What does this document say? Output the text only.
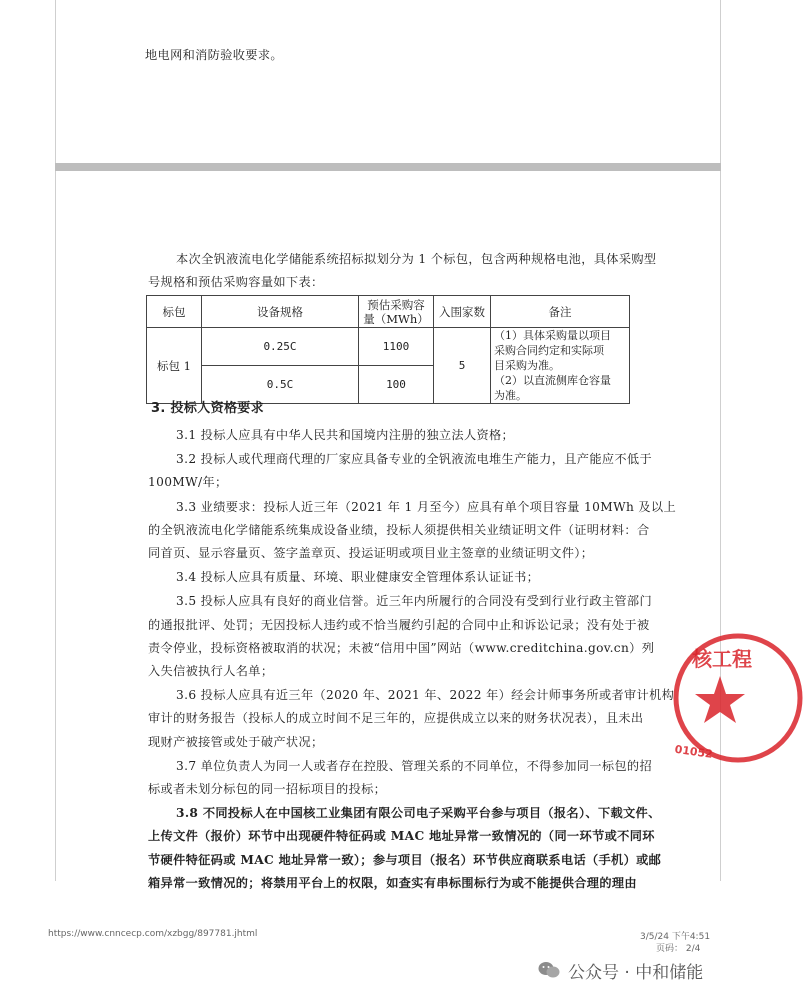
地电网和消防验收要求。
本次全钒液流电化学储能系统招标拟划分为 1 个标包，包含两种规格电池，具体采购型
号规格和预估采购容量如下表：
标包	设备规格	预估采购容量（MWh）	入围家数	备注
标包 1	0.25C	1100	5	（1）具体采购量以项目
采购合同约定和实际项
目采购为准。
（2）以直流侧库仓容量
为准。

	0.5C	100		
3. 投标人资格要求
3.1 投标人应具有中华人民共和国境内注册的独立法人资格；
3.2 投标人或代理商代理的厂家应具备专业的全钒液流电堆生产能力，且产能应不低于
100MW/年；
3.3 业绩要求：投标人近三年（2021 年 1 月至今）应具有单个项目容量 10MWh 及以上
的全钒液流电化学储能系统集成设备业绩，投标人须提供相关业绩证明文件（证明材料：合
同首页、显示容量页、签字盖章页、投运证明或项目业主签章的业绩证明文件）；
3.4 投标人应具有质量、环境、职业健康安全管理体系认证证书；
3.5 投标人应具有良好的商业信誉。近三年内所履行的合同没有受到行业行政主管部门
的通报批评、处罚；无因投标人违约或不恰当履约引起的合同中止和诉讼记录；没有处于被
责令停业，投标资格被取消的状况；未被“信用中国”网站（www.creditchina.gov.cn）列
入失信被执行人名单；
3.6 投标人应具有近三年（2020 年、2021 年、2022 年）经会计师事务所或者审计机构
审计的财务报告（投标人的成立时间不足三年的，应提供成立以来的财务状况表），且未出
现财产被接管或处于破产状况；
3.7 单位负责人为同一人或者存在控股、管理关系的不同单位，不得参加同一标包的招
标或者未划分标包的同一招标项目的投标；
3.8 不同投标人在中国核工业集团有限公司电子采购平台参与项目（报名）、下载文件、
上传文件（报价）环节中出现硬件特征码或 MAC 地址异常一致情况的（同一环节或不同环
节硬件特征码或 MAC 地址异常一致）；参与项目（报名）环节供应商联系电话（手机）或邮
箱异常一致情况的；将禁用平台上的权限，如查实有串标围标行为或不能提供合理的理由
核工程
01052
https://www.cnncecp.com/xzbgg/897781.jhtml	3/5/24 下午4:51
页码： 2/4
公众号 · 中和储能
